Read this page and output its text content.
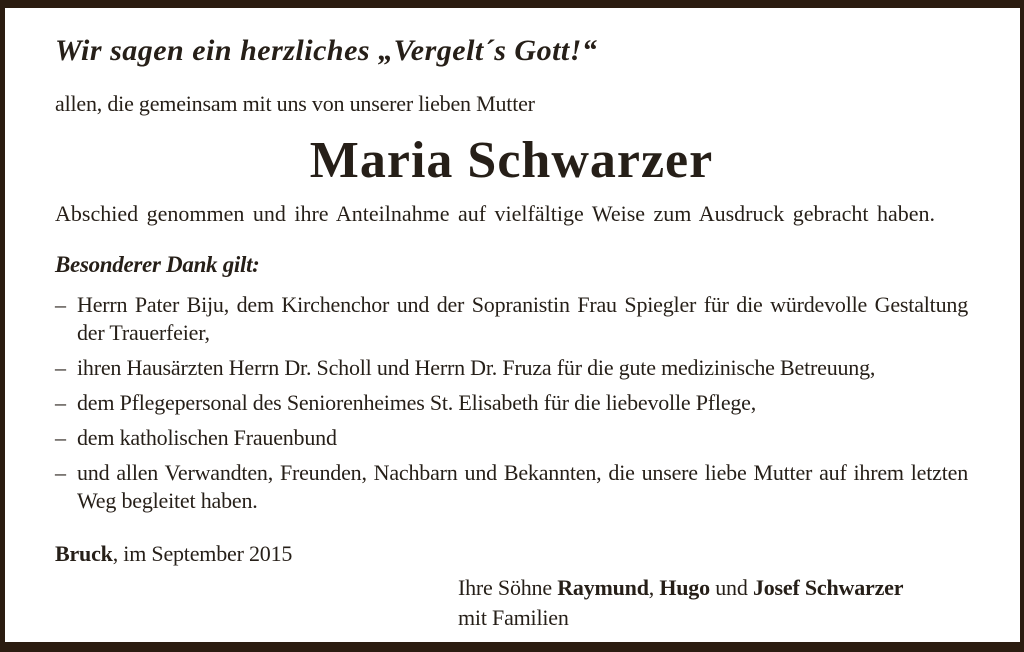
Wir sagen ein herzliches „Vergelt´s Gott!“
allen, die gemeinsam mit uns von unserer lieben Mutter
Maria Schwarzer
Abschied genommen und ihre Anteilnahme auf vielfältige Weise zum Ausdruck gebracht haben.
Besonderer Dank gilt:
– Herrn Pater Biju, dem Kirchenchor und der Sopranistin Frau Spiegler für die würdevolle Gestaltung der Trauerfeier,
– ihren Hausärzten Herrn Dr. Scholl und Herrn Dr. Fruza für die gute medizinische Betreuung,
– dem Pflegepersonal des Seniorenheimes St. Elisabeth für die liebevolle Pflege,
– dem katholischen Frauenbund
– und allen Verwandten, Freunden, Nachbarn und Bekannten, die unsere liebe Mutter auf ihrem letzten Weg begleitet haben.
Bruck, im September 2015
Ihre Söhne Raymund, Hugo und Josef Schwarzer
mit Familien
